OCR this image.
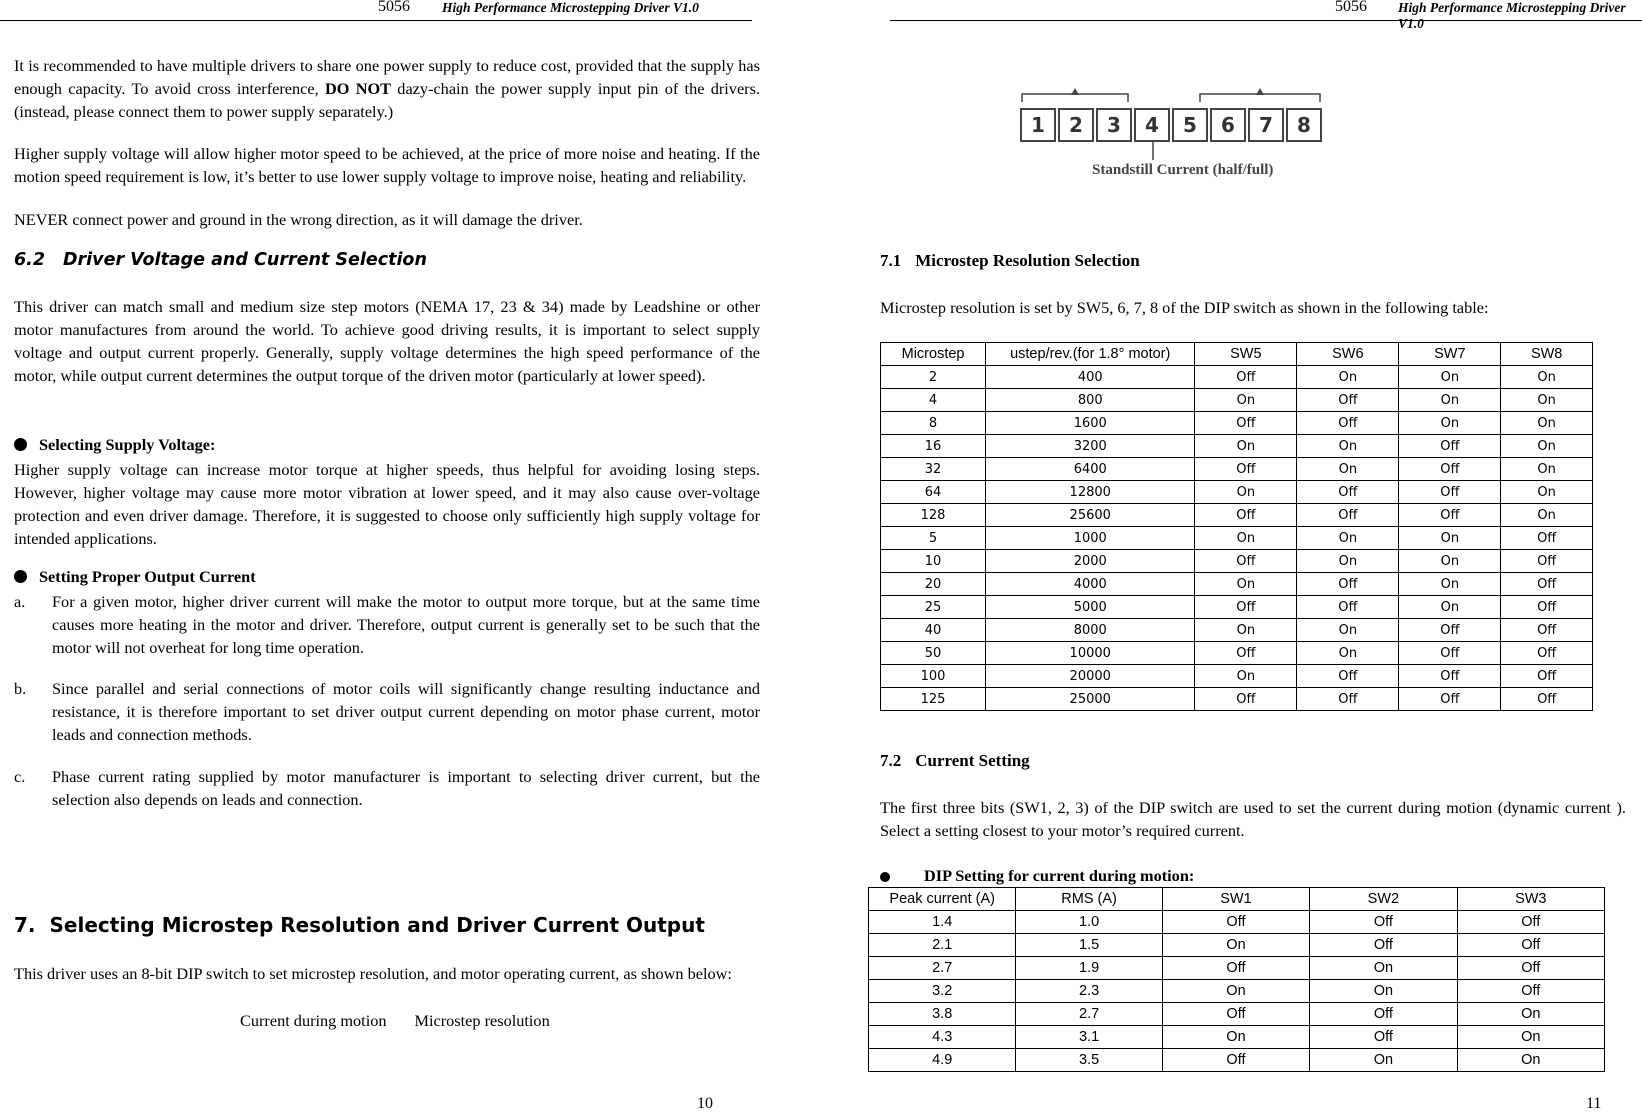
5056 High Performance Microstepping Driver V1.0
It is recommended to have multiple drivers to share one power supply to reduce cost, provided that the supply has enough capacity. To avoid cross interference, DO NOT dazy-chain the power supply input pin of the drivers. (instead, please connect them to power supply separately.)
Higher supply voltage will allow higher motor speed to be achieved, at the price of more noise and heating. If the motion speed requirement is low, it’s better to use lower supply voltage to improve noise, heating and reliability.
NEVER connect power and ground in the wrong direction, as it will damage the driver.
6.2 Driver Voltage and Current Selection
This driver can match small and medium size step motors (NEMA 17, 23 & 34) made by Leadshine or other motor manufactures from around the world. To achieve good driving results, it is important to select supply voltage and output current properly. Generally, supply voltage determines the high speed performance of the motor, while output current determines the output torque of the driven motor (particularly at lower speed).
Selecting Supply Voltage:
Higher supply voltage can increase motor torque at higher speeds, thus helpful for avoiding losing steps. However, higher voltage may cause more motor vibration at lower speed, and it may also cause over-voltage protection and even driver damage. Therefore, it is suggested to choose only sufficiently high supply voltage for intended applications.
Setting Proper Output Current
a. For a given motor, higher driver current will make the motor to output more torque, but at the same time causes more heating in the motor and driver. Therefore, output current is generally set to be such that the motor will not overheat for long time operation.
b. Since parallel and serial connections of motor coils will significantly change resulting inductance and resistance, it is therefore important to set driver output current depending on motor phase current, motor leads and connection methods.
c. Phase current rating supplied by motor manufacturer is important to selecting driver current, but the selection also depends on leads and connection.
7. Selecting Microstep Resolution and Driver Current Output
This driver uses an 8-bit DIP switch to set microstep resolution, and motor operating current, as shown below:
Current during motion Microstep resolution
10
5056 High Performance Microstepping Driver V1.0
1	2	3	4	5	6	7	8
Standstill Current (half/full)
7.1 Microstep Resolution Selection
Microstep resolution is set by SW5, 6, 7, 8 of the DIP switch as shown in the following table:
Microstep	ustep/rev.(for 1.8° motor)	SW5	SW6	SW7	SW8
2	400	Off	On	On	On
4	800	On	Off	On	On
8	1600	Off	Off	On	On
16	3200	On	On	Off	On
32	6400	Off	On	Off	On
64	12800	On	Off	Off	On
128	25600	Off	Off	Off	On
5	1000	On	On	On	Off
10	2000	Off	On	On	Off
20	4000	On	Off	On	Off
25	5000	Off	Off	On	Off
40	8000	On	On	Off	Off
50	10000	Off	On	Off	Off
100	20000	On	Off	Off	Off
125	25000	Off	Off	Off	Off
7.2 Current Setting
The first three bits (SW1, 2, 3) of the DIP switch are used to set the current during motion (dynamic current ). Select a setting closest to your motor’s required current.
DIP Setting for current during motion:
Peak current (A)	RMS (A)	SW1	SW2	SW3
1.4	1.0	Off	Off	Off
2.1	1.5	On	Off	Off
2.7	1.9	Off	On	Off
3.2	2.3	On	On	Off
3.8	2.7	Off	Off	On
4.3	3.1	On	Off	On
4.9	3.5	Off	On	On
11
